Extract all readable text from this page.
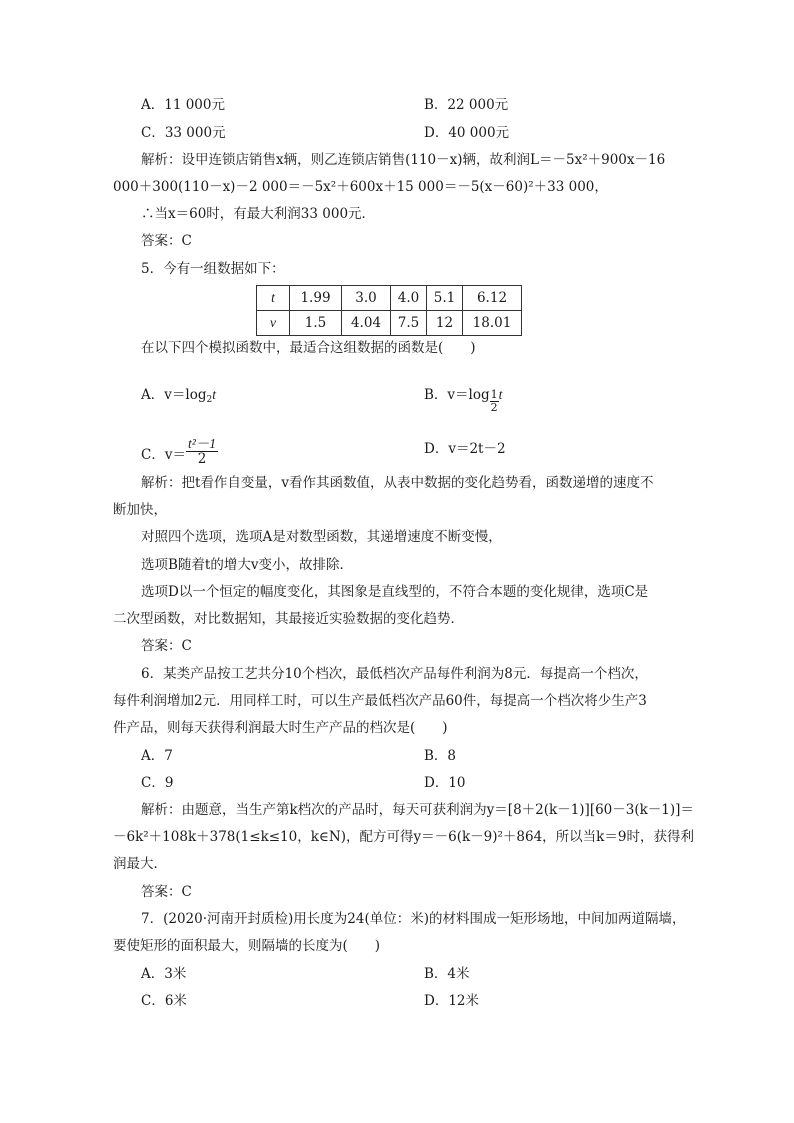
A．11 000元	B．22 000元
C．33 000元	D．40 000元
解析：设甲连锁店销售x辆，则乙连锁店销售(110－x)辆，故利润L＝－5x²＋900x－16
000＋300(110－x)－2 000＝－5x²＋600x＋15 000＝－5(x－60)²＋33 000，
∴当x＝60时，有最大利润33 000元．
答案：C
5．今有一组数据如下：
t	1.99	3.0	4.0	5.1	6.12
v	1.5	4.04	7.5	12	18.01
在以下四个模拟函数中，最适合这组数据的函数是(　　)
A．$v=\log_2t$	B．$v=\log \frac{1}{2}$ t
C．$v= \frac{\text{t²－1}}{2}$	D．v＝2t－2
解析：把t看作自变量，v看作其函数值，从表中数据的变化趋势看，函数递增的速度不
断加快，
对照四个选项，选项A是对数型函数，其递增速度不断变慢，
选项B随着t的增大v变小，故排除．
选项D以一个恒定的幅度变化，其图象是直线型的，不符合本题的变化规律，选项C是
二次型函数，对比数据知，其最接近实验数据的变化趋势．
答案：C
6．某类产品按工艺共分10个档次，最低档次产品每件利润为8元．每提高一个档次，
每件利润增加2元．用同样工时，可以生产最低档次产品60件，每提高一个档次将少生产3
件产品，则每天获得利润最大时生产产品的档次是(　　)
A．7	B．8
C．9	D．10
解析：由题意，当生产第k档次的产品时，每天可获利润为y＝[8＋2(k－1)][60－3(k－1)]＝
－6k²＋108k＋378(1≤k≤10，k∈N)，配方可得y＝－6(k－9)²＋864，所以当k＝9时，获得利
润最大．
答案：C
7．(2020·河南开封质检)用长度为24(单位：米)的材料围成一矩形场地，中间加两道隔墙，
要使矩形的面积最大，则隔墙的长度为(　　)
A．3米	B．4米
C．6米	D．12米
